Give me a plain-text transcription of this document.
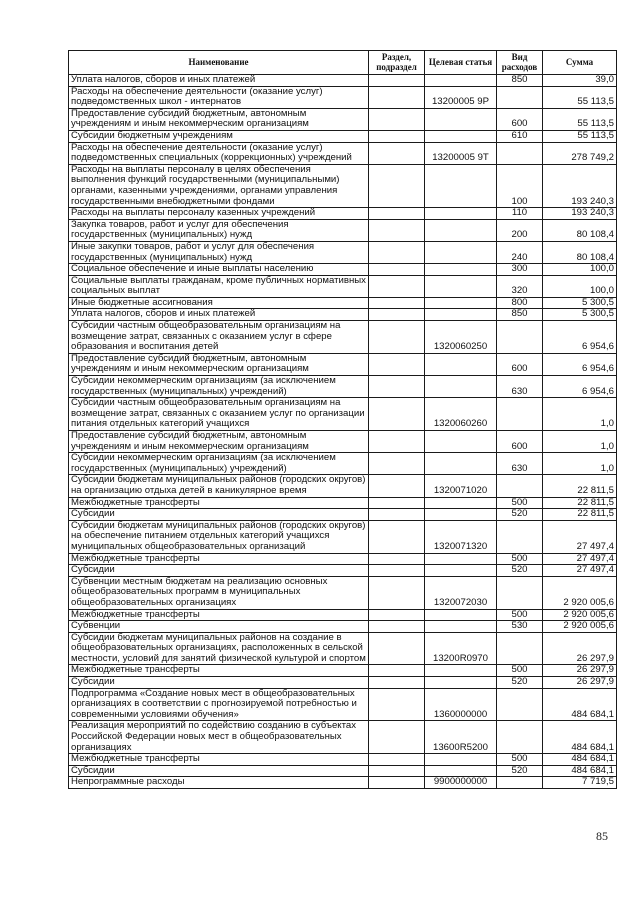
Наименование	Раздел, подраздел	Целевая статья	Вид расходов	Сумма
Уплата налогов, сборов и иных платежей			850	39,0
Расходы на обеспечение деятельности (оказание услуг) подведомственных школ - интернатов		13200005 9P		55 113,5
Предоставление субсидий бюджетным, автономным учреждениям и иным некоммерческим организациям			600	55 113,5
Субсидии бюджетным учреждениям			610	55 113,5
Расходы на обеспечение деятельности (оказание услуг) подведомственных специальных (коррекционных) учреждений		13200005 9T		278 749,2
Расходы на выплаты персоналу в целях обеспечения выполнения функций государственными (муниципальными) органами, казенными учреждениями, органами управления государственными внебюджетными фондами			100	193 240,3
Расходы на выплаты персоналу казенных учреждений			110	193 240,3
Закупка товаров, работ и услуг для обеспечения государственных (муниципальных) нужд			200	80 108,4
Иные закупки товаров, работ и услуг для обеспечения государственных (муниципальных) нужд			240	80 108,4
Социальное обеспечение и иные выплаты населению			300	100,0
Социальные выплаты гражданам, кроме публичных нормативных социальных выплат			320	100,0
Иные бюджетные ассигнования			800	5 300,5
Уплата налогов, сборов и иных платежей			850	5 300,5
Субсидии частным общеобразовательным организациям на возмещение затрат, связанных с оказанием услуг в сфере образования и воспитания детей		1320060250		6 954,6
Предоставление субсидий бюджетным, автономным учреждениям и иным некоммерческим организациям			600	6 954,6
Субсидии некоммерческим организациям (за исключением государственных (муниципальных) учреждений)			630	6 954,6
Субсидии частным общеобразовательным организациям на возмещение затрат, связанных с оказанием услуг по организации питания отдельных категорий учащихся		1320060260		1,0
Предоставление субсидий бюджетным, автономным учреждениям и иным некоммерческим организациям			600	1,0
Субсидии некоммерческим организациям (за исключением государственных (муниципальных) учреждений)			630	1,0
Субсидии бюджетам муниципальных районов (городских округов) на организацию отдыха детей в каникулярное время		1320071020		22 811,5
Межбюджетные трансферты			500	22 811,5
Субсидии			520	22 811,5
Субсидии бюджетам муниципальных районов (городских округов) на обеспечение питанием отдельных категорий учащихся муниципальных общеобразовательных организаций		1320071320		27 497,4
Межбюджетные трансферты			500	27 497,4
Субсидии			520	27 497,4
Субвенции местным бюджетам на реализацию основных общеобразовательных программ в муниципальных общеобразовательных организациях		1320072030		2 920 005,6
Межбюджетные трансферты			500	2 920 005,6
Субвенции			530	2 920 005,6
Субсидии бюджетам муниципальных районов на создание в общеобразовательных организациях, расположенных в сельской местности, условий для занятий физической культурой и спортом		13200R0970		26 297,9
Межбюджетные трансферты			500	26 297,9
Субсидии			520	26 297,9
Подпрограмма «Создание новых мест в общеобразовательных организациях в соответствии с прогнозируемой потребностью и современными условиями обучения»		1360000000		484 684,1
Реализация мероприятий по содействию созданию в субъектах Российской Федерации новых мест в общеобразовательных организациях		13600R5200		484 684,1
Межбюджетные трансферты			500	484 684,1
Субсидии			520	484 684,1
Непрограммные расходы		9900000000		7 719,5
85
